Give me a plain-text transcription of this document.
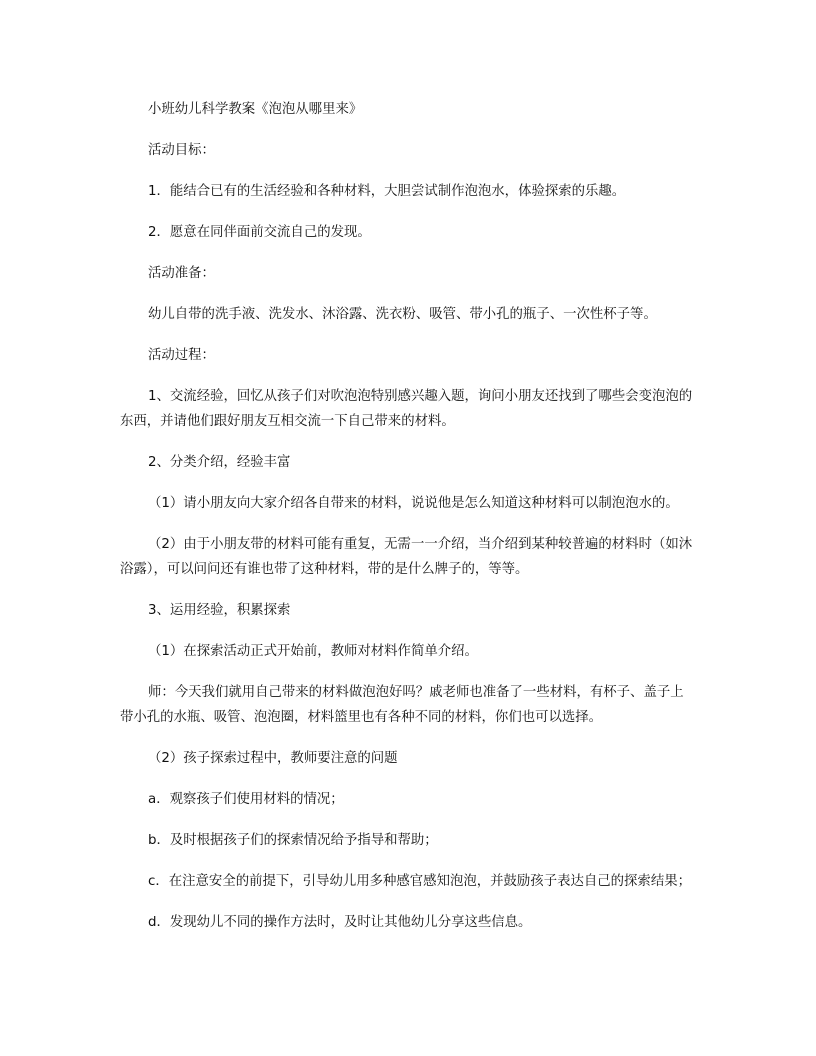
小班幼儿科学教案《泡泡从哪里来》

活动目标：

1．能结合已有的生活经验和各种材料，大胆尝试制作泡泡水，体验探索的乐趣。

2．愿意在同伴面前交流自己的发现。

活动准备：

幼儿自带的洗手液、洗发水、沐浴露、洗衣粉、吸管、带小孔的瓶子、一次性杯子等。

活动过程：

1、交流经验，回忆从孩子们对吹泡泡特别感兴趣入题，询问小朋友还找到了哪些会变泡泡的东西，并请他们跟好朋友互相交流一下自己带来的材料。

2、分类介绍，经验丰富

（1）请小朋友向大家介绍各自带来的材料，说说他是怎么知道这种材料可以制泡泡水的。

（2）由于小朋友带的材料可能有重复，无需一一介绍，当介绍到某种较普遍的材料时（如沐浴露），可以问问还有谁也带了这种材料，带的是什么牌子的，等等。

3、运用经验，积累探索

（1）在探索活动正式开始前，教师对材料作简单介绍。

师：今天我们就用自己带来的材料做泡泡好吗？戚老师也准备了一些材料，有杯子、盖子上带小孔的水瓶、吸管、泡泡圈，材料篮里也有各种不同的材料，你们也可以选择。

（2）孩子探索过程中，教师要注意的问题

a．观察孩子们使用材料的情况；

b．及时根据孩子们的探索情况给予指导和帮助；

c．在注意安全的前提下，引导幼儿用多种感官感知泡泡，并鼓励孩子表达自己的探索结果；

d．发现幼儿不同的操作方法时，及时让其他幼儿分享这些信息。
